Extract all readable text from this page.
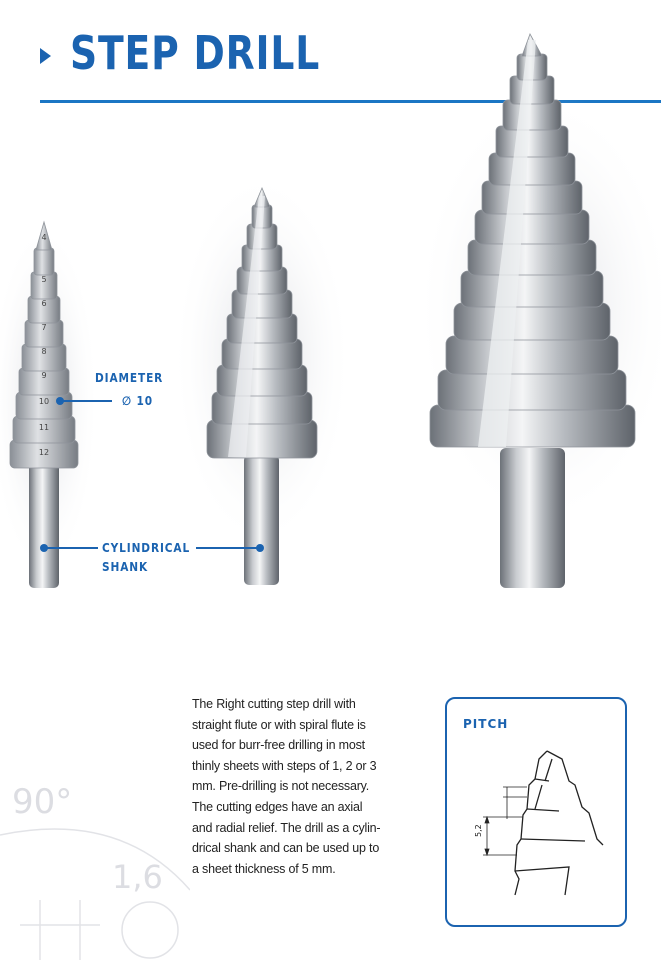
STEP DRILL
4
5
6
7
8
9
10
11
12
DIAMETER
∅ 10
CYLINDRICAL
SHANK
90°
1,6
The Right cutting step drill with
straight flute or with spiral flute is
used for burr-free drilling in most
thinly sheets with steps of 1, 2 or 3
mm. Pre-drilling is not necessary.
The cutting edges have an axial
and radial relief. The drill as a cylin-
drical shank and can be used up to
a sheet thickness of 5 mm.
PITCH
5,2
